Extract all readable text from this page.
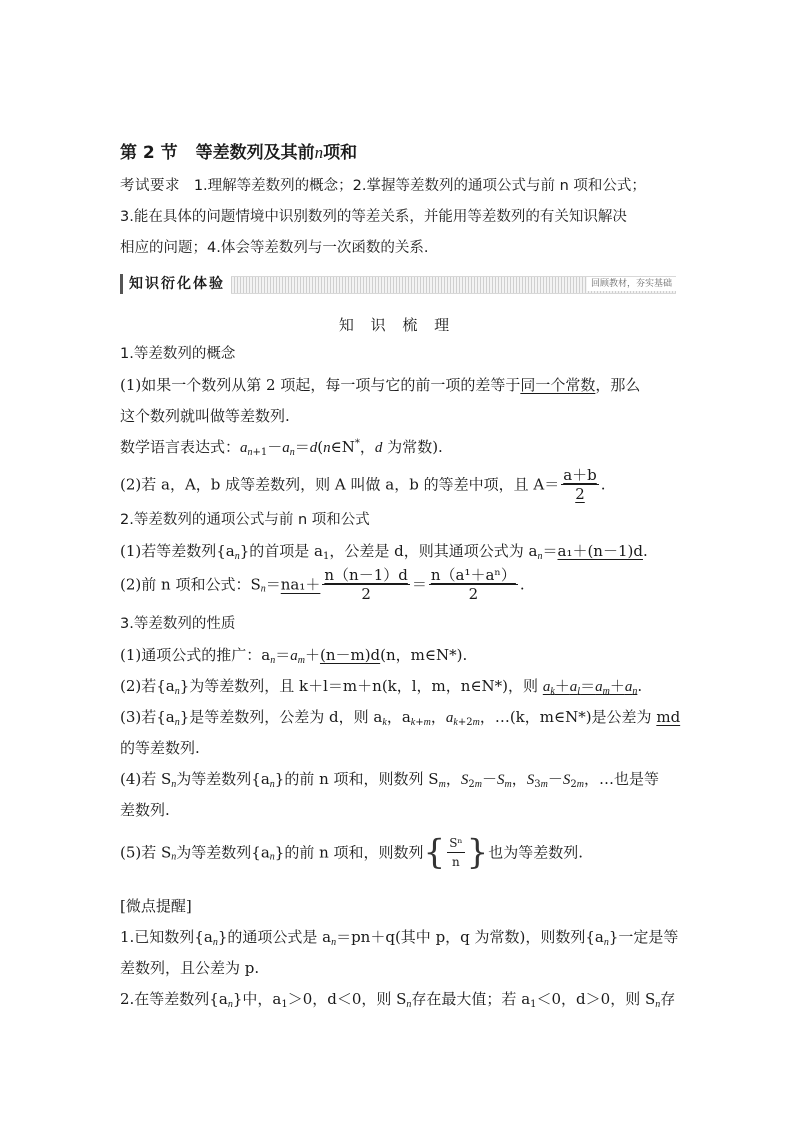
第 2 节 等差数列及其前n项和
考试要求 1.理解等差数列的概念；2.掌握等差数列的通项公式与前 n 项和公式；
3.能在具体的问题情境中识别数列的等差关系，并能用等差数列的有关知识解决
相应的问题；4.体会等差数列与一次函数的关系.
知识衍化体验	回顾教材，夯实基础
知 识 梳 理
1.等差数列的概念
(1)如果一个数列从第 2 项起，每一项与它的前一项的差等于同一个常数，那么
这个数列就叫做等差数列.
数学语言表达式：$a_{n+1}-a_n=d(n\in N^*$，d 为常数).
(2)若 a，A，b 成等差数列，则 A 叫做 a，b 的等差中项，且 $A= \frac{a+b}{2}$ .
2.等差数列的通项公式与前 n 项和公式
(1)若等差数列$\{a_n\}$的首项是 $a_1$，公差是 d，则其通项公式为 $a_n=a_1+(n-1)d$.
(2)前 n 项和公式：$S_n=na_1+ \frac{n(n-1)d}{2} = \frac{\text{n（a¹＋aⁿ）}}{2}$ .
3.等差数列的性质
(1)通项公式的推广：$a_n=a_m+(n-m)d(n$，m∈N*).
(2)若$\{a_n\}$为等差数列，且 k＋l＝m＋n(k，l，m，n∈N*)，则 $a_k+a_l=a_m+a_n$.
(3)若$\{a_n\}$是等差数列，公差为 d，则 $a_k$，$a_{k+m}$，$a_{k+2m}$，…(k，m∈N*)是公差为 md
的等差数列.
(4)若 $S_n$为等差数列$\{a_n\}$的前 n 项和，则数列 $S_m$，$S_{2m}-S_m$，$S_{3m}-S_{2m}$，…也是等
差数列.
(5)若 $S_n$为等差数列$\{a_n\}$的前 n 项和，则数列{ $\frac{\text{Sⁿ}}{n}$ }也为等差数列.
[微点提醒]
1.已知数列$\{a_n\}$的通项公式是 $a_n=pn+q$(其中 p，q 为常数)，则数列$\{a_n\}$一定是等
差数列，且公差为 p.
2.在等差数列$\{a_n\}$中，$a_1>0$，d＜0，则 $S_n$存在最大值；若 $a_1<0$，d＞0，则 $S_n$存
